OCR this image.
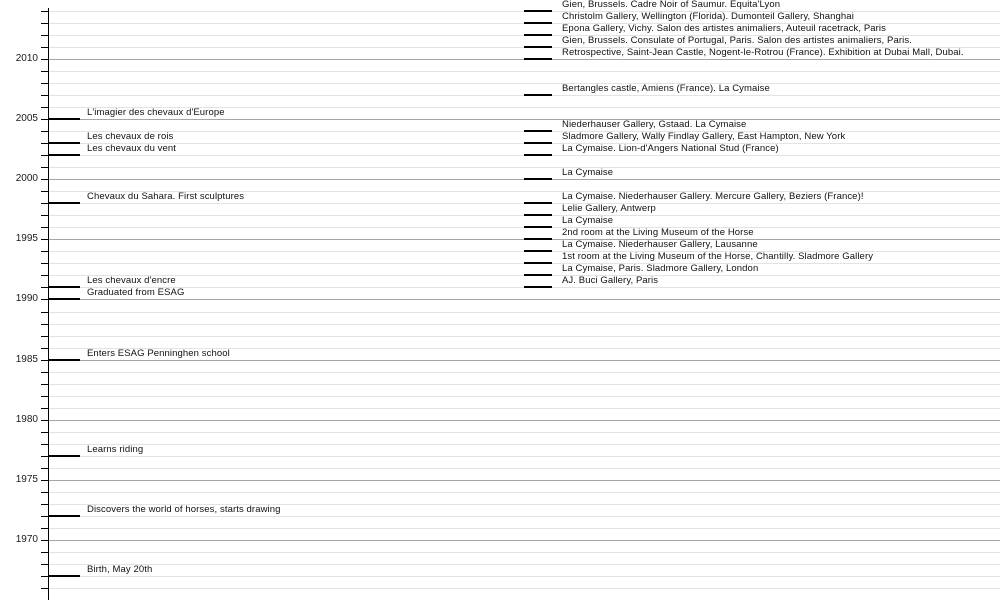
1970
1975
1980
1985
1990
1995
2000
2005
2010
L'imagier des chevaux d'Europe
Les chevaux de rois
Les chevaux du vent
Chevaux du Sahara. First sculptures
Les chevaux d'encre
Graduated from ESAG
Enters ESAG Penninghen school
Learns riding
Discovers the world of horses, starts drawing
Birth, May 20th
Gien, Brussels. Cadre Noir of Saumur. Equita'Lyon
Christolm Gallery, Wellington (Florida). Dumonteil Gallery, Shanghai
Epona Gallery, Vichy. Salon des artistes animaliers, Auteuil racetrack, Paris
Gien, Brussels. Consulate of Portugal, Paris. Salon des artistes animaliers, Paris.
Retrospective, Saint-Jean Castle, Nogent-le-Rotrou (France). Exhibition at Dubai Mall, Dubai.
Bertangles castle, Amiens (France). La Cymaise
Niederhauser Gallery, Gstaad. La Cymaise
Sladmore Gallery, Wally Findlay Gallery, East Hampton, New York
La Cymaise. Lion-d'Angers National Stud (France)
La Cymaise
La Cymaise. Niederhauser Gallery. Mercure Gallery, Beziers (France)!
Lelie Gallery, Antwerp
La Cymaise
2nd room at the Living Museum of the Horse
La Cymaise. Niederhauser Gallery, Lausanne
1st room at the Living Museum of the Horse, Chantilly. Sladmore Gallery
La Cymaise, Paris. Sladmore Gallery, London
AJ. Buci Gallery, Paris
